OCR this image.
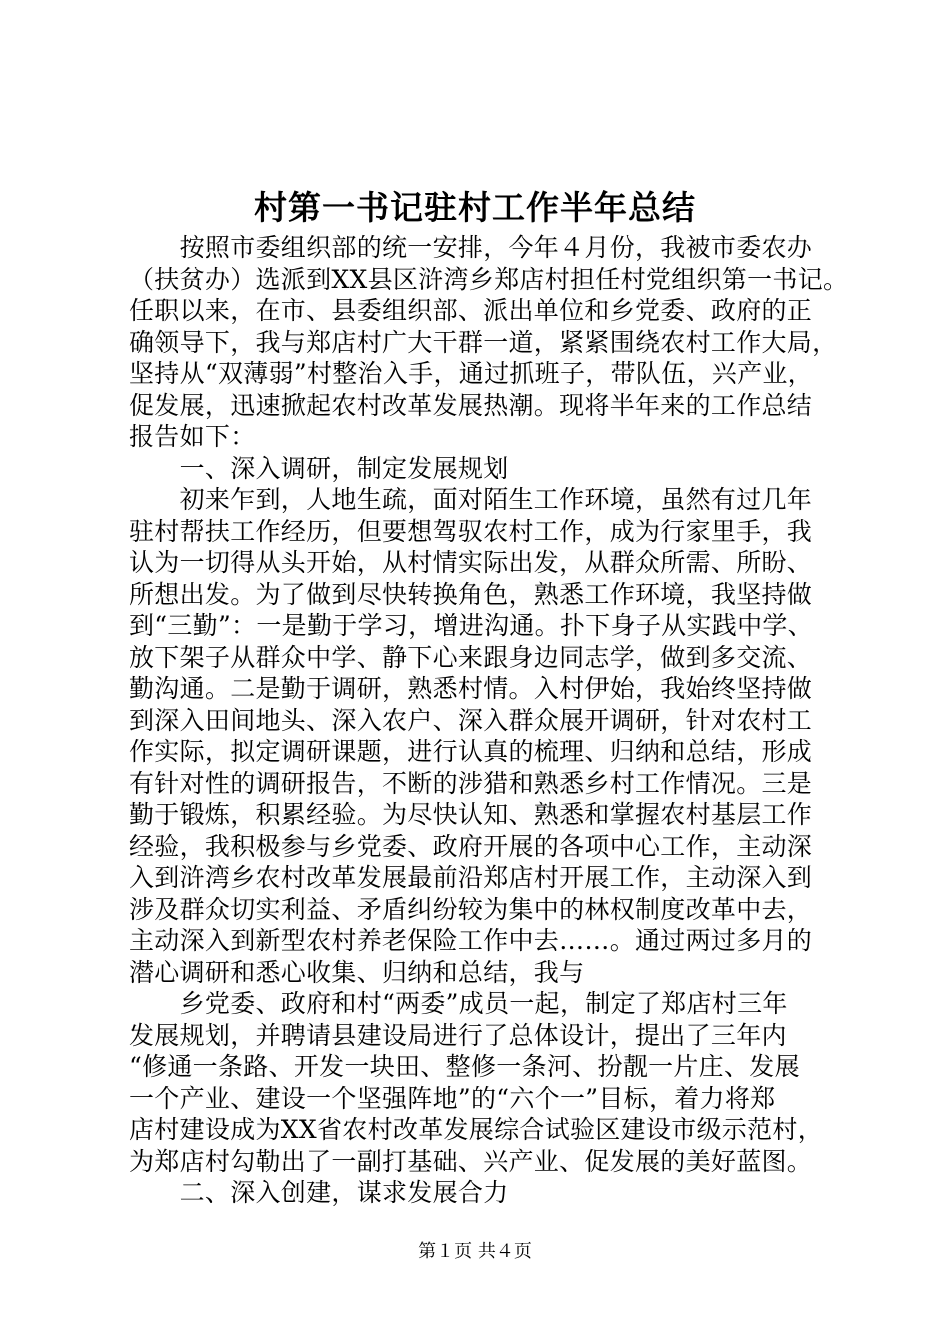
村第一书记驻村工作半年总结
　　按照市委组织部的统一安排，今年４月份，我被市委农办
（扶贫办）选派到XX县区浒湾乡郑店村担任村党组织第一书记。
任职以来，在市、县委组织部、派出单位和乡党委、政府的正
确领导下，我与郑店村广大干群一道，紧紧围绕农村工作大局，
坚持从“双薄弱”村整治入手，通过抓班子，带队伍，兴产业，
促发展，迅速掀起农村改革发展热潮。现将半年来的工作总结
报告如下：
　　一、深入调研，制定发展规划
　　初来乍到，人地生疏，面对陌生工作环境，虽然有过几年
驻村帮扶工作经历，但要想驾驭农村工作，成为行家里手，我
认为一切得从头开始，从村情实际出发，从群众所需、所盼、
所想出发。为了做到尽快转换角色，熟悉工作环境，我坚持做
到“三勤”：一是勤于学习，增进沟通。扑下身子从实践中学、
放下架子从群众中学、静下心来跟身边同志学，做到多交流、
勤沟通。二是勤于调研，熟悉村情。入村伊始，我始终坚持做
到深入田间地头、深入农户、深入群众展开调研，针对农村工
作实际，拟定调研课题，进行认真的梳理、归纳和总结，形成
有针对性的调研报告，不断的涉猎和熟悉乡村工作情况。三是
勤于锻炼，积累经验。为尽快认知、熟悉和掌握农村基层工作
经验，我积极参与乡党委、政府开展的各项中心工作，主动深
入到浒湾乡农村改革发展最前沿郑店村开展工作，主动深入到
涉及群众切实利益、矛盾纠纷较为集中的林权制度改革中去，
主动深入到新型农村养老保险工作中去……。通过两过多月的
潜心调研和悉心收集、归纳和总结，我与
　　乡党委、政府和村“两委”成员一起，制定了郑店村三年
发展规划，并聘请县建设局进行了总体设计，提出了三年内
“修通一条路、开发一块田、整修一条河、扮靓一片庄、发展
一个产业、建设一个坚强阵地”的“六个一”目标，着力将郑
店村建设成为XX省农村改革发展综合试验区建设市级示范村，
为郑店村勾勒出了一副打基础、兴产业、促发展的美好蓝图。
　　二、深入创建，谋求发展合力
第１页 共４页
